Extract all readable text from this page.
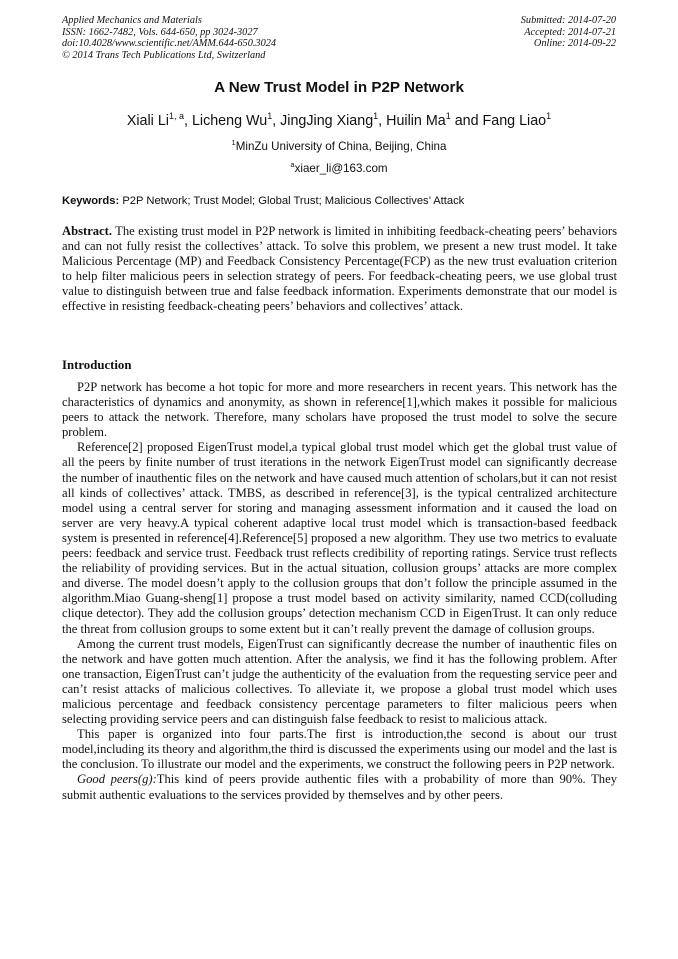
Applied Mechanics and Materials
ISSN: 1662-7482, Vols. 644-650, pp 3024-3027
doi:10.4028/www.scientific.net/AMM.644-650.3024
© 2014 Trans Tech Publications Ltd, Switzerland
Submitted: 2014-07-20
Accepted: 2014-07-21
Online: 2014-09-22
A New Trust Model in P2P Network
Xiali Li$^{1, a}$, Licheng Wu$^1$, JingJing Xiang$^1$, Huilin Ma$^1$ and Fang Liao$^1$
$^1$MinZu University of China, Beijing, China
$^a$xiaer_li@163.com
Keywords: P2P Network; Trust Model; Global Trust; Malicious Collectives’ Attack

Abstract. The existing trust model in P2P network is limited in inhibiting feedback-cheating peers’ behaviors and can not fully resist the collectives’ attack. To solve this problem, we present a new trust model. It take Malicious Percentage (MP) and Feedback Consistency Percentage(FCP) as the new trust evaluation criterion to help filter malicious peers in selection strategy of peers. For feedback-cheating peers, we use global trust value to distinguish between true and false feedback information. Experiments demonstrate that our model is effective in resisting feedback-cheating peers’ behaviors and collectives’ attack.

Introduction

P2P network has become a hot topic for more and more researchers in recent years. This network has the characteristics of dynamics and anonymity, as shown in reference[1],which makes it possible for malicious peers to attack the network. Therefore, many scholars have proposed the trust model to solve the secure problem.

Reference[2] proposed EigenTrust model,a typical global trust model which get the global trust value of all the peers by finite number of trust iterations in the network EigenTrust model can significantly decrease the number of inauthentic files on the network and have caused much attention of scholars,but it can not resist all kinds of collectives’ attack. TMBS, as described in reference[3], is the typical centralized architecture model using a central server for storing and managing assessment information and it caused the load on server are very heavy.A typical coherent adaptive local trust model which is transaction-based feedback system is presented in reference[4].Reference[5] proposed a new algorithm. They use two metrics to evaluate peers: feedback and service trust. Feedback trust reflects credibility of reporting ratings. Service trust reflects the reliability of providing services. But in the actual situation, collusion groups’ attacks are more complex and diverse. The model doesn’t apply to the collusion groups that don’t follow the principle assumed in the algorithm.Miao Guang-sheng[1] propose a trust model based on activity similarity, named CCD(colluding clique detector). They add the collusion groups’ detection mechanism CCD in EigenTrust. It can only reduce the threat from collusion groups to some extent but it can’t really prevent the damage of collusion groups.

Among the current trust models, EigenTrust can significantly decrease the number of inauthentic files on the network and have gotten much attention. After the analysis, we find it has the following problem. After one transaction, EigenTrust can’t judge the authenticity of the evaluation from the requesting service peer and can’t resist attacks of malicious collectives. To alleviate it, we propose a global trust model which uses malicious percentage and feedback consistency percentage parameters to filter malicious peers when selecting providing service peers and can distinguish false feedback to resist to malicious attack.

This paper is organized into four parts.The first is introduction,the second is about our trust model,including its theory and algorithm,the third is discussed the experiments using our model and the last is the conclusion. To illustrate our model and the experiments, we construct the following peers in P2P network.

Good peers(g):This kind of peers provide authentic files with a probability of more than 90%. They submit authentic evaluations to the services provided by themselves and by other peers.
